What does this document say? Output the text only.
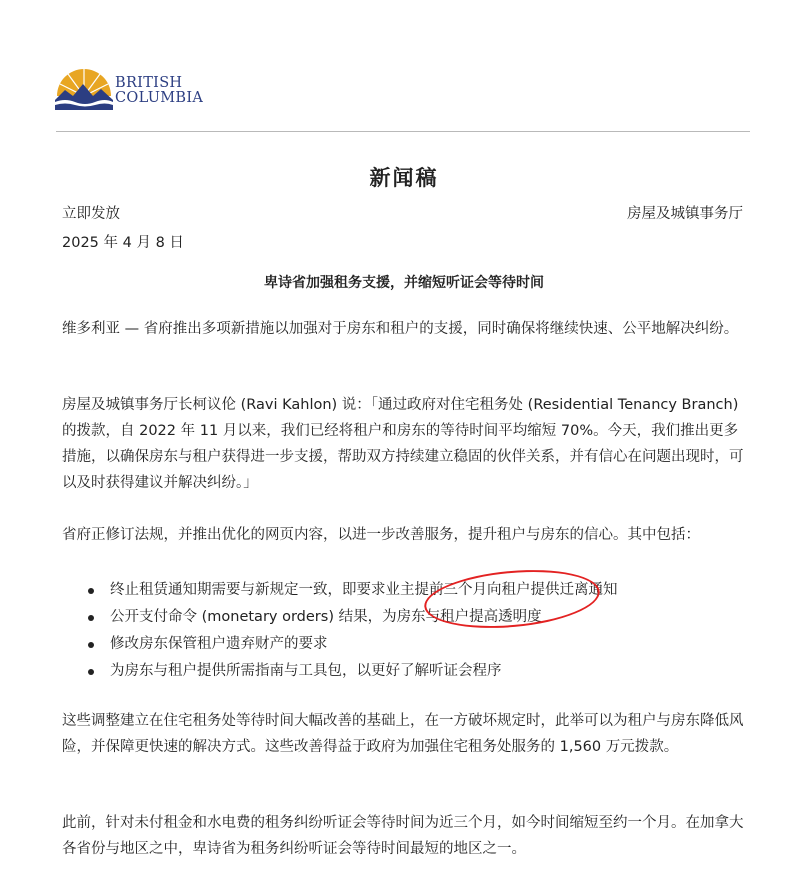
BRITISH
COLUMBIA
新闻稿
立即发放	房屋及城镇事务厅
2025 年 4 月 8 日
卑诗省加强租务支援，并缩短听证会等待时间

维多利亚 — 省府推出多项新措施以加强对于房东和租户的支援，同时确保将继续快速、公平地解决纠纷。

房屋及城镇事务厅长柯议伦 (Ravi Kahlon) 说：「通过政府对住宅租务处 (Residential Tenancy Branch) 的拨款，自 2022 年 11 月以来，我们已经将租户和房东的等待时间平均缩短 70%。今天，我们推出更多措施，以确保房东与租户获得进一步支援，帮助双方持续建立稳固的伙伴关系，并有信心在问题出现时，可以及时获得建议并解决纠纷。」

省府正修订法规，并推出优化的网页内容，以进一步改善服务，提升租户与房东的信心。其中包括：

终止租赁通知期需要与新规定一致，即要求业主提前三个月向租户提供迁离通知
公开支付命令 (monetary orders) 结果，为房东与租户提高透明度
修改房东保管租户遗弃财产的要求
为房东与租户提供所需指南与工具包，以更好了解听证会程序

这些调整建立在住宅租务处等待时间大幅改善的基础上，在一方破坏规定时，此举可以为租户与房东降低风险，并保障更快速的解决方式。这些改善得益于政府为加强住宅租务处服务的 1,560 万元拨款。

此前，针对未付租金和水电费的租务纠纷听证会等待时间为近三个月，如今时间缩短至约一个月。在加拿大各省份与地区之中，卑诗省为租务纠纷听证会等待时间最短的地区之一。
